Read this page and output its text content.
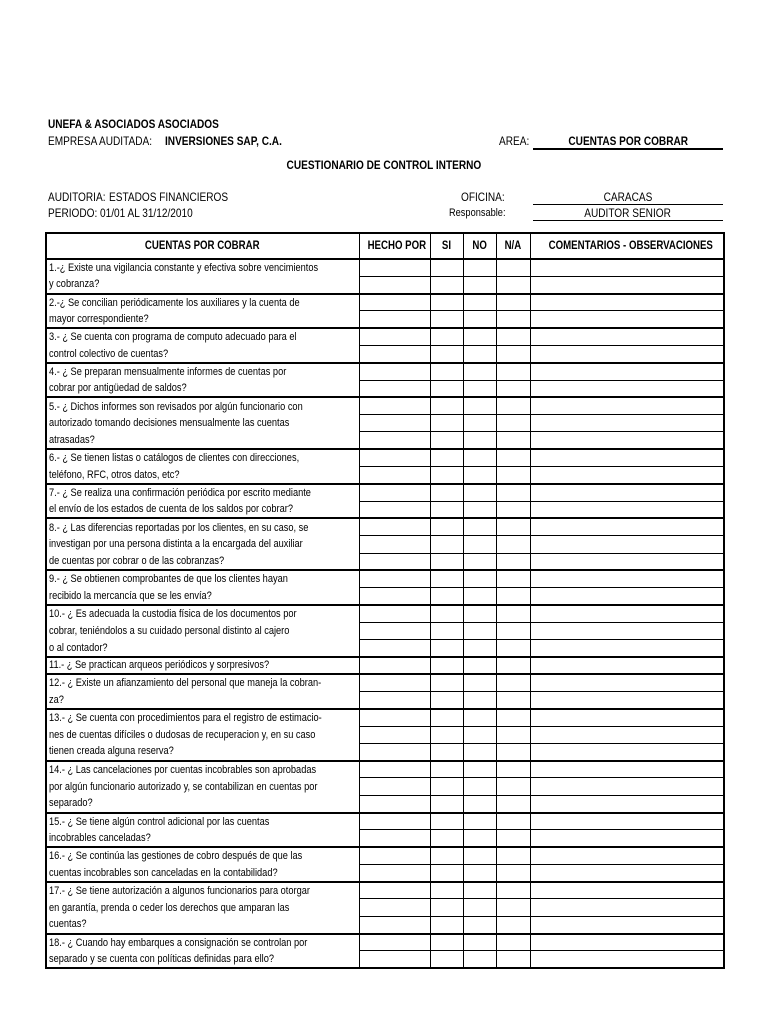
UNEFA & ASOCIADOS ASOCIADOS
EMPRESA AUDITADA:	INVERSIONES SAP, C.A.	AREA:	CUENTAS POR COBRAR
CUESTIONARIO DE CONTROL INTERNO
AUDITORIA: ESTADOS FINANCIEROS	OFICINA:	CARACAS
PERIODO: 01/01 AL 31/12/2010	Responsable:	AUDITOR SENIOR
CUENTAS POR COBRAR	HECHO POR	SI	NO	N/A	COMENTARIOS - OBSERVACIONES
1.-¿ Existe una vigilancia constante y efectiva sobre vencimientos					
y cobranza?					
2.-¿ Se concilian periódicamente los auxiliares y la cuenta de					
mayor correspondiente?					
3.- ¿ Se cuenta con programa de computo adecuado para el					
control colectivo de cuentas?					
4.- ¿ Se preparan mensualmente informes de cuentas por					
cobrar por antigüedad de saldos?					
5.- ¿ Dichos informes son revisados por algún funcionario con					
autorizado tomando decisiones mensualmente las cuentas					
atrasadas?					
6.- ¿ Se tienen listas o catálogos de clientes con direcciones,					
teléfono, RFC, otros datos, etc?					
7.- ¿ Se realiza una confirmación periódica por escrito mediante					
el envío de los estados de cuenta de los saldos por cobrar?					
8.- ¿ Las diferencias reportadas por los clientes, en su caso, se					
investigan por una persona distinta a la encargada del auxiliar					
de cuentas por cobrar o de las cobranzas?					
9.- ¿ Se obtienen comprobantes de que los clientes hayan					
recibido la mercancía que se les envía?					
10.- ¿ Es adecuada la custodia física de los documentos por					
cobrar, teniéndolos a su cuidado personal distinto al cajero					
o al contador?					
11.- ¿ Se practican arqueos periódicos y sorpresivos?					
12.- ¿ Existe un afianzamiento del personal que maneja la cobran-					
za?					
13.- ¿ Se cuenta con procedimientos para el registro de estimacio-					
nes de cuentas difíciles o dudosas de recuperacion y, en su caso					
tienen creada alguna reserva?					
14.- ¿ Las cancelaciones por cuentas incobrables son aprobadas					
por algún funcionario autorizado y, se contabilizan en cuentas por					
separado?					
15.- ¿ Se tiene algún control adicional por las cuentas					
incobrables canceladas?					
16.- ¿ Se continúa las gestiones de cobro después de que las					
cuentas incobrables son canceladas en la contabilidad?					
17.- ¿ Se tiene autorización a algunos funcionarios para otorgar					
en garantía, prenda o ceder los derechos que amparan las					
cuentas?					
18.- ¿ Cuando hay embarques a consignación se controlan por					
separado y se cuenta con políticas definidas para ello?					
